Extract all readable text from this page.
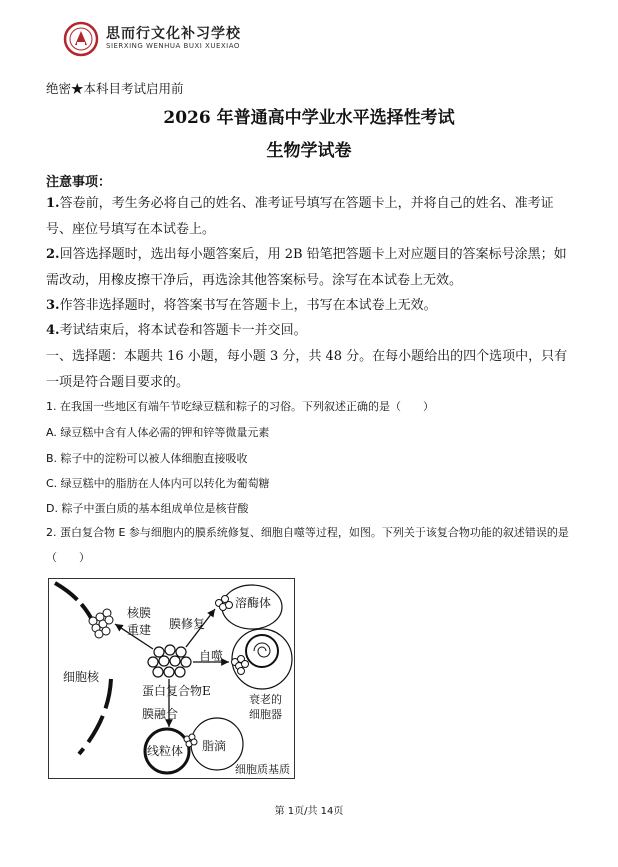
思而行文化补习学校
SIERXING WENHUA BUXI XUEXIAO
绝密★本科目考试启用前
2026 年普通高中学业水平选择性考试
生物学试卷
注意事项：
1.答卷前，考生务必将自己的姓名、准考证号填写在答题卡上，并将自己的姓名、准考证号、座位号填写在本试卷上。
2.回答选择题时，选出每小题答案后，用 2B 铅笔把答题卡上对应题目的答案标号涂黑；如需改动，用橡皮擦干净后，再选涂其他答案标号。涂写在本试卷上无效。
3.作答非选择题时，将答案书写在答题卡上，书写在本试卷上无效。
4.考试结束后，将本试卷和答题卡一并交回。
一、选择题：本题共 16 小题，每小题 3 分，共 48 分。在每小题给出的四个选项中，只有一项是符合题目要求的。
1. 在我国一些地区有端午节吃绿豆糕和粽子的习俗。下列叙述正确的是（　　）
A. 绿豆糕中含有人体必需的钾和锌等微量元素
B. 粽子中的淀粉可以被人体细胞直接吸收
C. 绿豆糕中的脂肪在人体内可以转化为葡萄糖
D. 粽子中蛋白质的基本组成单位是核苷酸
2. 蛋白复合物 E 参与细胞内的膜系统修复、细胞自噬等过程，如图。下列关于该复合物功能的叙述错误的是（　　）
核膜
重建 膜修复
溶酶体
自噬
细胞核
衰老的
细胞器
蛋白复合物E
膜融合
线粒体 脂滴
细胞质基质
第 1页/共 14页
